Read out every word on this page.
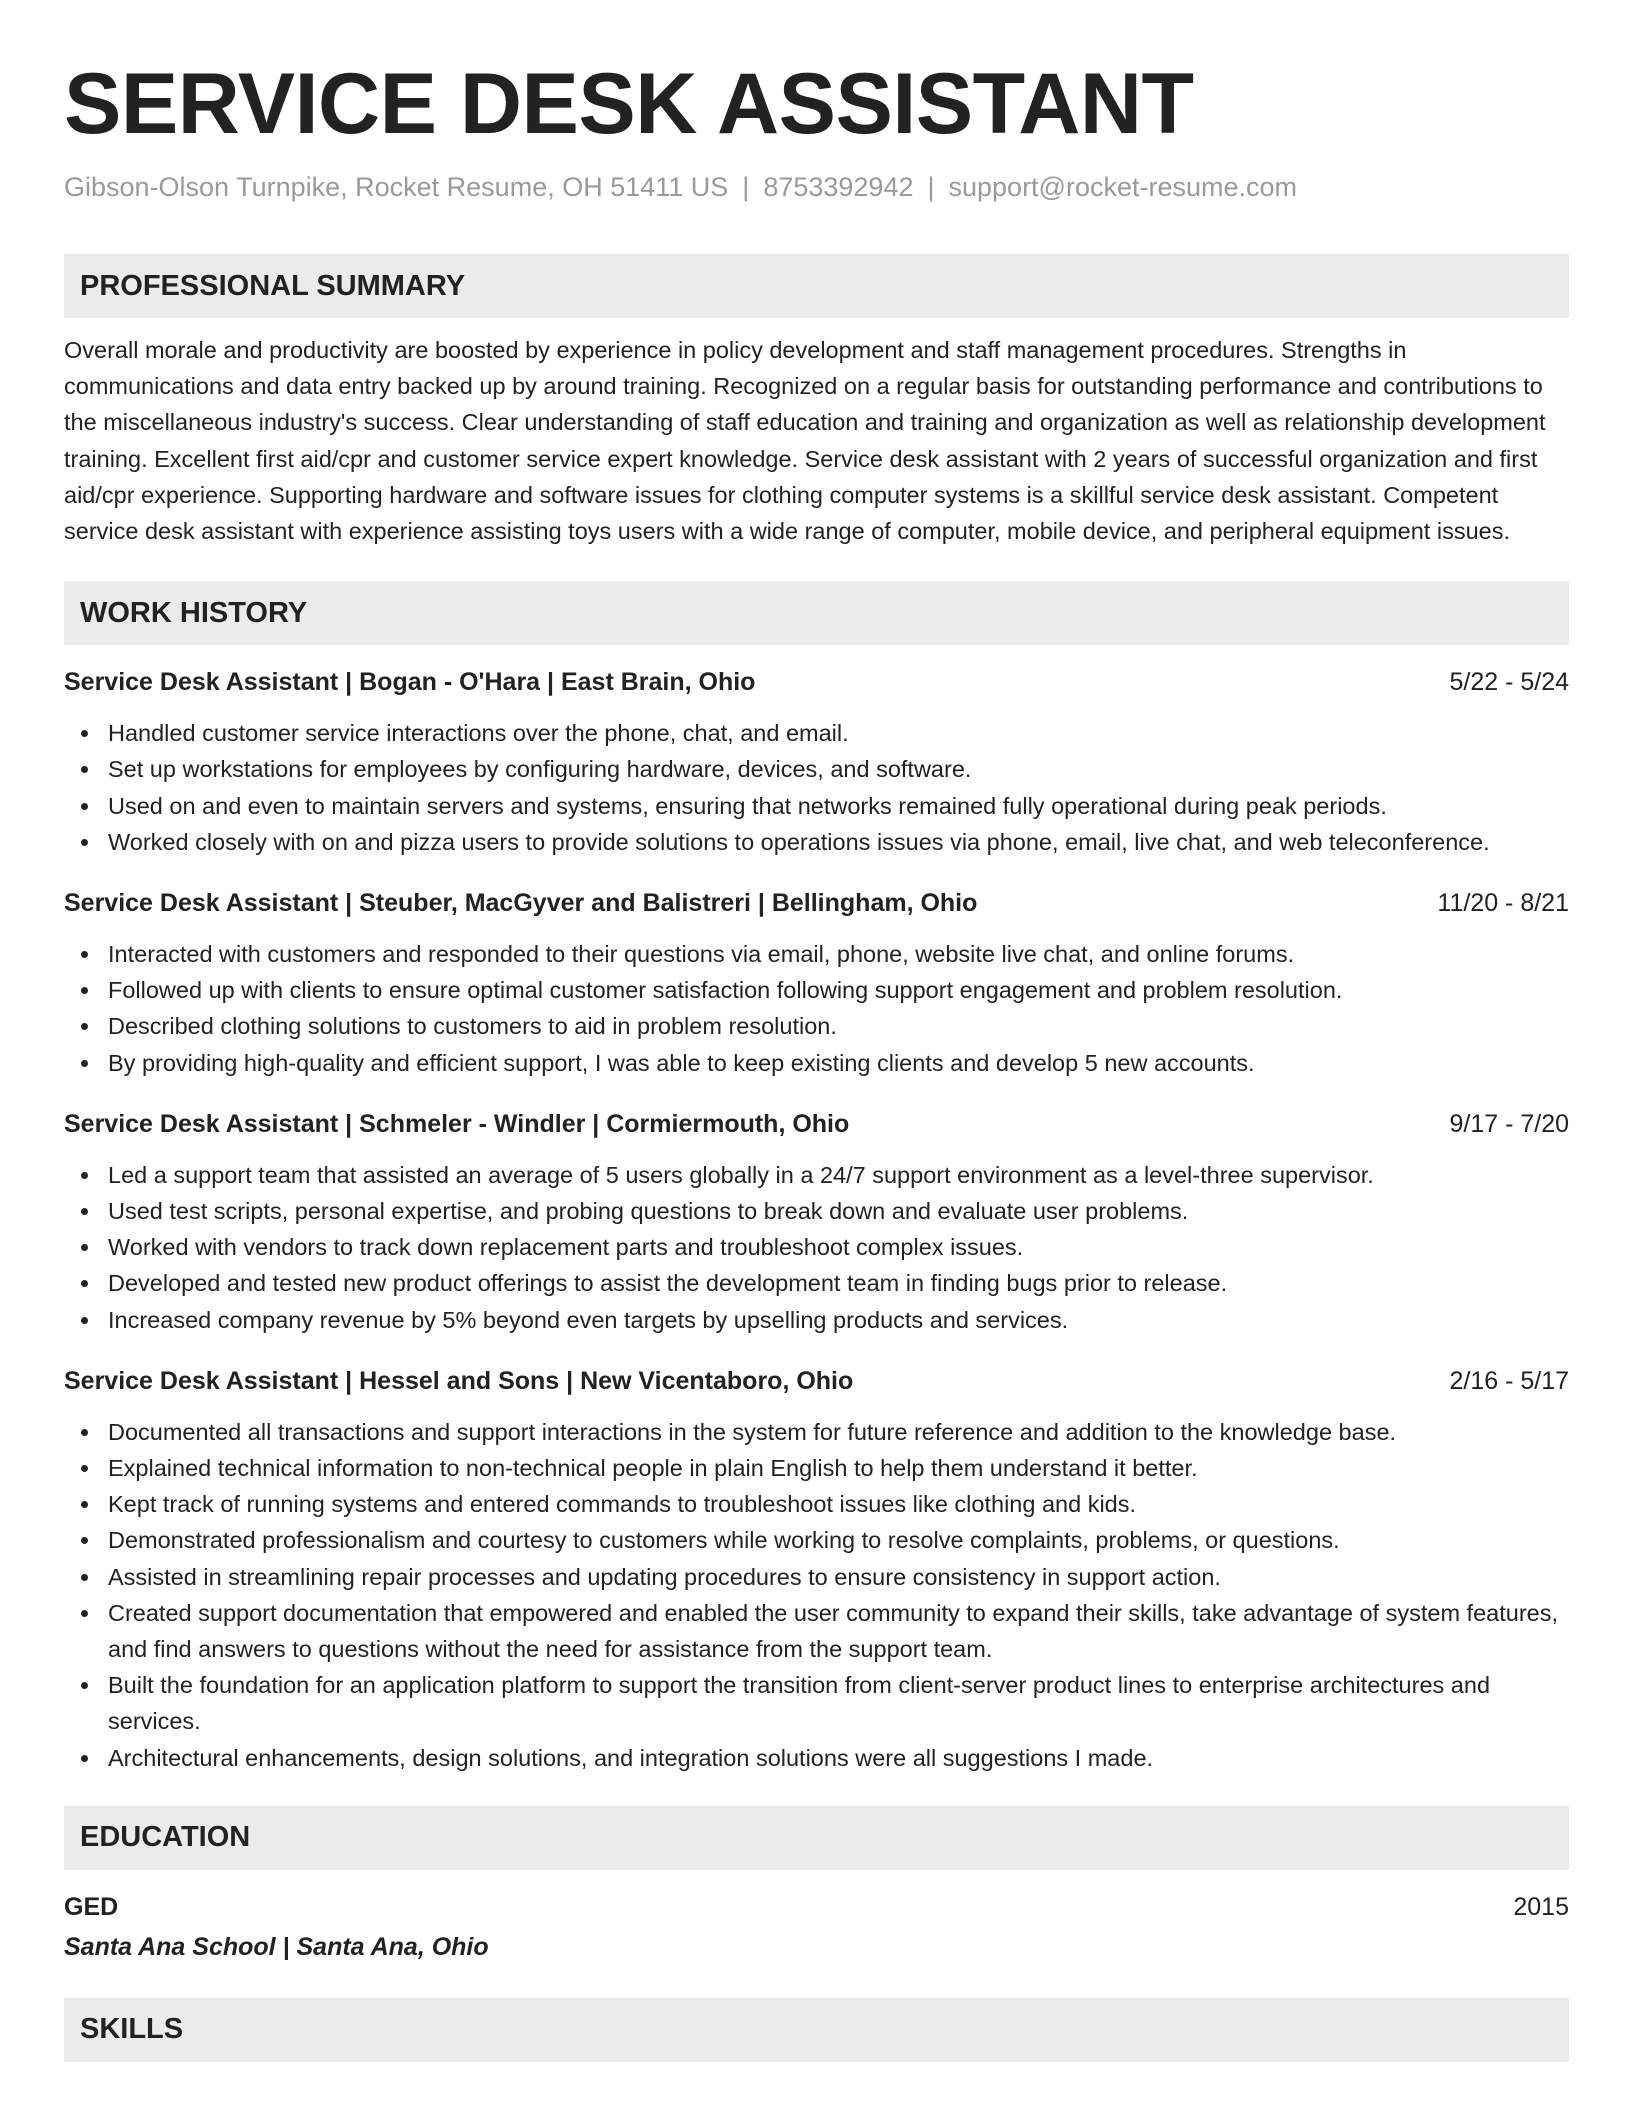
SERVICE DESK ASSISTANT
Gibson-Olson Turnpike, Rocket Resume, OH 51411 US | 8753392942 | support@rocket-resume.com
PROFESSIONAL SUMMARY

Overall morale and productivity are boosted by experience in policy development and staff management procedures. Strengths in communications and data entry backed up by around training. Recognized on a regular basis for outstanding performance and contributions to the miscellaneous industry's success. Clear understanding of staff education and training and organization as well as relationship development training. Excellent first aid/cpr and customer service expert knowledge. Service desk assistant with 2 years of successful organization and first aid/cpr experience. Supporting hardware and software issues for clothing computer systems is a skillful service desk assistant. Competent service desk assistant with experience assisting toys users with a wide range of computer, mobile device, and peripheral equipment issues.

WORK HISTORY
Service Desk Assistant | Bogan - O'Hara | East Brain, Ohio	5/22 - 5/24
Handled customer service interactions over the phone, chat, and email.
Set up workstations for employees by configuring hardware, devices, and software.
Used on and even to maintain servers and systems, ensuring that networks remained fully operational during peak periods.
Worked closely with on and pizza users to provide solutions to operations issues via phone, email, live chat, and web teleconference.
Service Desk Assistant | Steuber, MacGyver and Balistreri | Bellingham, Ohio	11/20 - 8/21
Interacted with customers and responded to their questions via email, phone, website live chat, and online forums.
Followed up with clients to ensure optimal customer satisfaction following support engagement and problem resolution.
Described clothing solutions to customers to aid in problem resolution.
By providing high-quality and efficient support, I was able to keep existing clients and develop 5 new accounts.
Service Desk Assistant | Schmeler - Windler | Cormiermouth, Ohio	9/17 - 7/20
Led a support team that assisted an average of 5 users globally in a 24/7 support environment as a level-three supervisor.
Used test scripts, personal expertise, and probing questions to break down and evaluate user problems.
Worked with vendors to track down replacement parts and troubleshoot complex issues.
Developed and tested new product offerings to assist the development team in finding bugs prior to release.
Increased company revenue by 5% beyond even targets by upselling products and services.
Service Desk Assistant | Hessel and Sons | New Vicentaboro, Ohio	2/16 - 5/17
Documented all transactions and support interactions in the system for future reference and addition to the knowledge base.
Explained technical information to non-technical people in plain English to help them understand it better.
Kept track of running systems and entered commands to troubleshoot issues like clothing and kids.
Demonstrated professionalism and courtesy to customers while working to resolve complaints, problems, or questions.
Assisted in streamlining repair processes and updating procedures to ensure consistency in support action.
Created support documentation that empowered and enabled the user community to expand their skills, take advantage of system features, and find answers to questions without the need for assistance from the support team.
Built the foundation for an application platform to support the transition from client-server product lines to enterprise architectures and services.
Architectural enhancements, design solutions, and integration solutions were all suggestions I made.
EDUCATION
GED	2015
Santa Ana School | Santa Ana, Ohio
SKILLS
